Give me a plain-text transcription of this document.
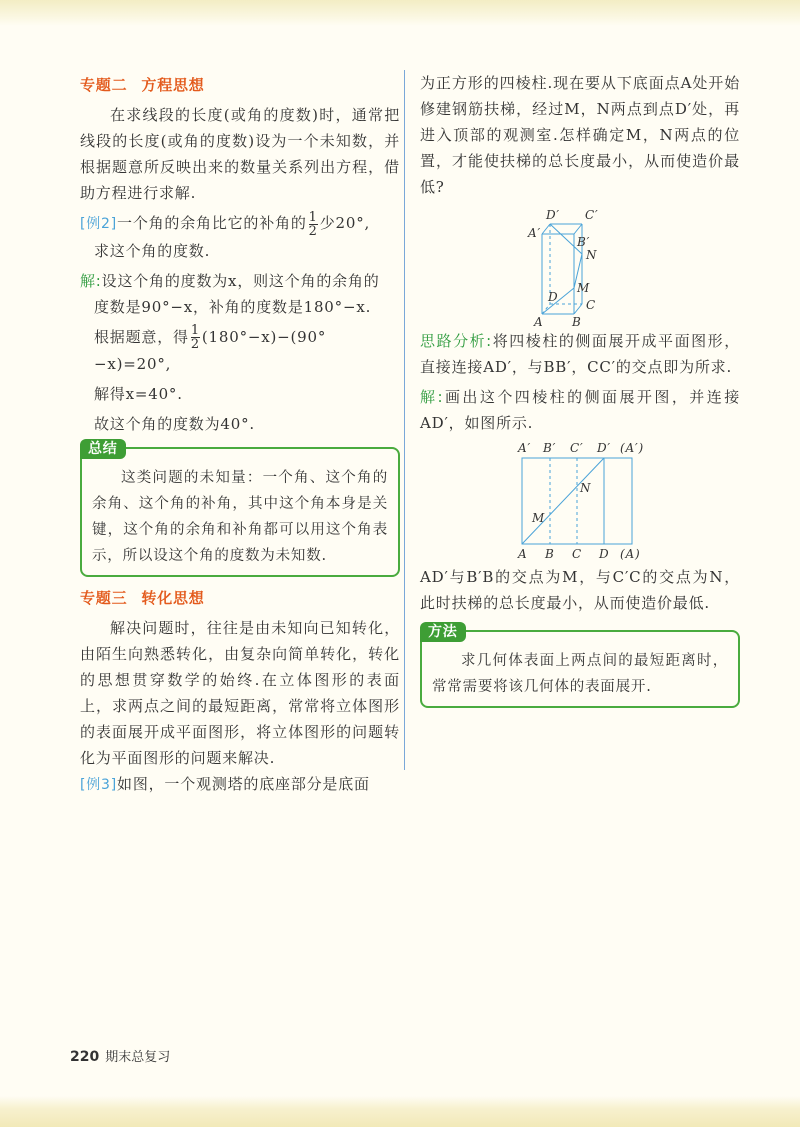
专题二 方程思想

在求线段的长度(或角的度数)时，通常把线段的长度(或角的度数)设为一个未知数，并根据题意所反映出来的数量关系列出方程，借助方程进行求解.

[例2]一个角的余角比它的补角的 $\frac{1}{2}$ 少20°,
求这个角的度数.
解:设这个角的度数为x，则这个角的余角的
度数是90°−x，补角的度数是180°−x.
根据题意，得 $\frac{1}{2} (180^\circ-x)-(90^\circ-x)=20^\circ$,
解得x=40°.
故这个角的度数为40°.
总结

这类问题的未知量：一个角、这个角的余角、这个角的补角，其中这个角本身是关键，这个角的余角和补角都可以用这个角表示，所以设这个角的度数为未知数.

专题三 转化思想

解决问题时，往往是由未知向已知转化，由陌生向熟悉转化，由复杂向简单转化，转化的思想贯穿数学的始终.在立体图形的表面上，求两点之间的最短距离，常常将立体图形的表面展开成平面图形，将立体图形的问题转化为平面图形的问题来解决.

[例3]如图，一个观测塔的底座部分是底面

为正方形的四棱柱.现在要从下底面点A处开始修建钢筋扶梯，经过M，N两点到点D′处，再进入顶部的观测室.怎样确定M，N两点的位置，才能使扶梯的总长度最小，从而使造价最低?

D′ C′
A′
B′
N
M
D
C
A B
思路分析:将四棱柱的侧面展开成平面图形，直接连接AD′，与BB′，CC′的交点即为所求.
解:画出这个四棱柱的侧面展开图，并连接AD′，如图所示.
A′ B′ C′ D′ (A′)
A B C D (A)
N
M

AD′与B′B的交点为M，与C′C的交点为N，此时扶梯的总长度最小，从而使造价最低.

方法

求几何体表面上两点间的最短距离时，常常需要将该几何体的表面展开.

220 期末总复习
